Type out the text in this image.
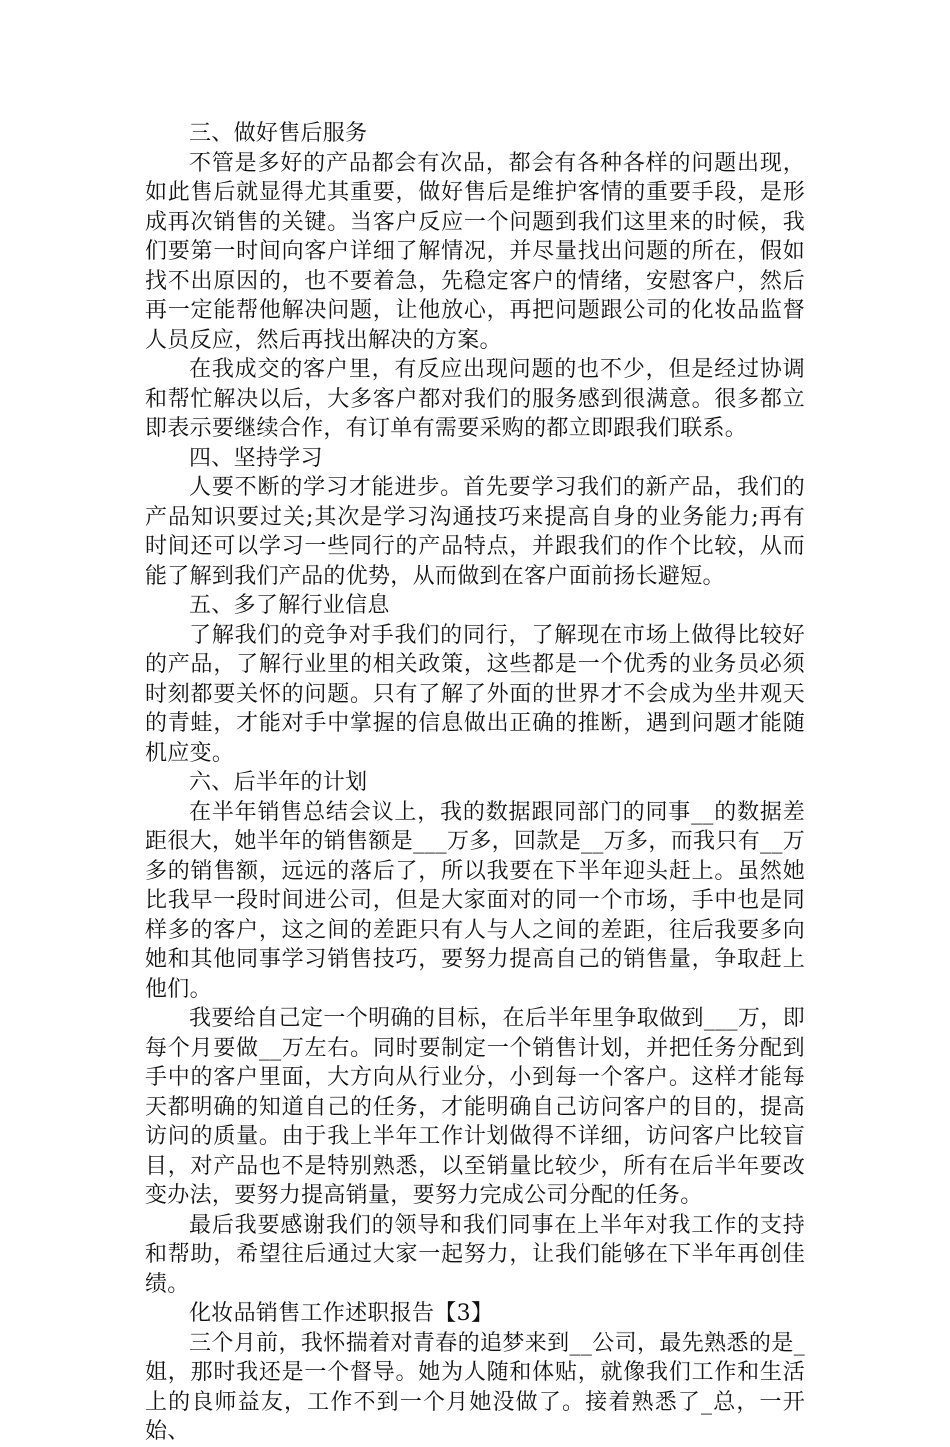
三、做好售后服务
不管是多好的产品都会有次品，都会有各种各样的问题出现，如此售后就显得尤其重要，做好售后是维护客情的重要手段，是形成再次销售的关键。当客户反应一个问题到我们这里来的时候，我们要第一时间向客户详细了解情况，并尽量找出问题的所在，假如找不出原因的，也不要着急，先稳定客户的情绪，安慰客户，然后再一定能帮他解决问题，让他放心，再把问题跟公司的化妆品监督人员反应，然后再找出解决的方案。
在我成交的客户里，有反应出现问题的也不少，但是经过协调和帮忙解决以后，大多客户都对我们的服务感到很满意。很多都立即表示要继续合作，有订单有需要采购的都立即跟我们联系。
四、坚持学习
人要不断的学习才能进步。首先要学习我们的新产品，我们的产品知识要过关;其次是学习沟通技巧来提高自身的业务能力;再有时间还可以学习一些同行的产品特点，并跟我们的作个比较，从而能了解到我们产品的优势，从而做到在客户面前扬长避短。
五、多了解行业信息
了解我们的竞争对手我们的同行，了解现在市场上做得比较好的产品，了解行业里的相关政策，这些都是一个优秀的业务员必须时刻都要关怀的问题。只有了解了外面的世界才不会成为坐井观天的青蛙，才能对手中掌握的信息做出正确的推断，遇到问题才能随机应变。
六、后半年的计划
在半年销售总结会议上，我的数据跟同部门的同事__的数据差距很大，她半年的销售额是___万多，回款是__万多，而我只有__万多的销售额，远远的落后了，所以我要在下半年迎头赶上。虽然她比我早一段时间进公司，但是大家面对的同一个市场，手中也是同样多的客户，这之间的差距只有人与人之间的差距，往后我要多向她和其他同事学习销售技巧，要努力提高自己的销售量，争取赶上他们。
我要给自己定一个明确的目标，在后半年里争取做到___万，即每个月要做__万左右。同时要制定一个销售计划，并把任务分配到手中的客户里面，大方向从行业分，小到每一个客户。这样才能每天都明确的知道自己的任务，才能明确自己访问客户的目的，提高访问的质量。由于我上半年工作计划做得不详细，访问客户比较盲目，对产品也不是特别熟悉，以至销量比较少，所有在后半年要改变办法，要努力提高销量，要努力完成公司分配的任务。
最后我要感谢我们的领导和我们同事在上半年对我工作的支持和帮助，希望往后通过大家一起努力，让我们能够在下半年再创佳绩。
化妆品销售工作述职报告【3】
三个月前，我怀揣着对青春的追梦来到__公司，最先熟悉的是_姐，那时我还是一个督导。她为人随和体贴，就像我们工作和生活上的良师益友，工作不到一个月她没做了。接着熟悉了_总，一开始、
